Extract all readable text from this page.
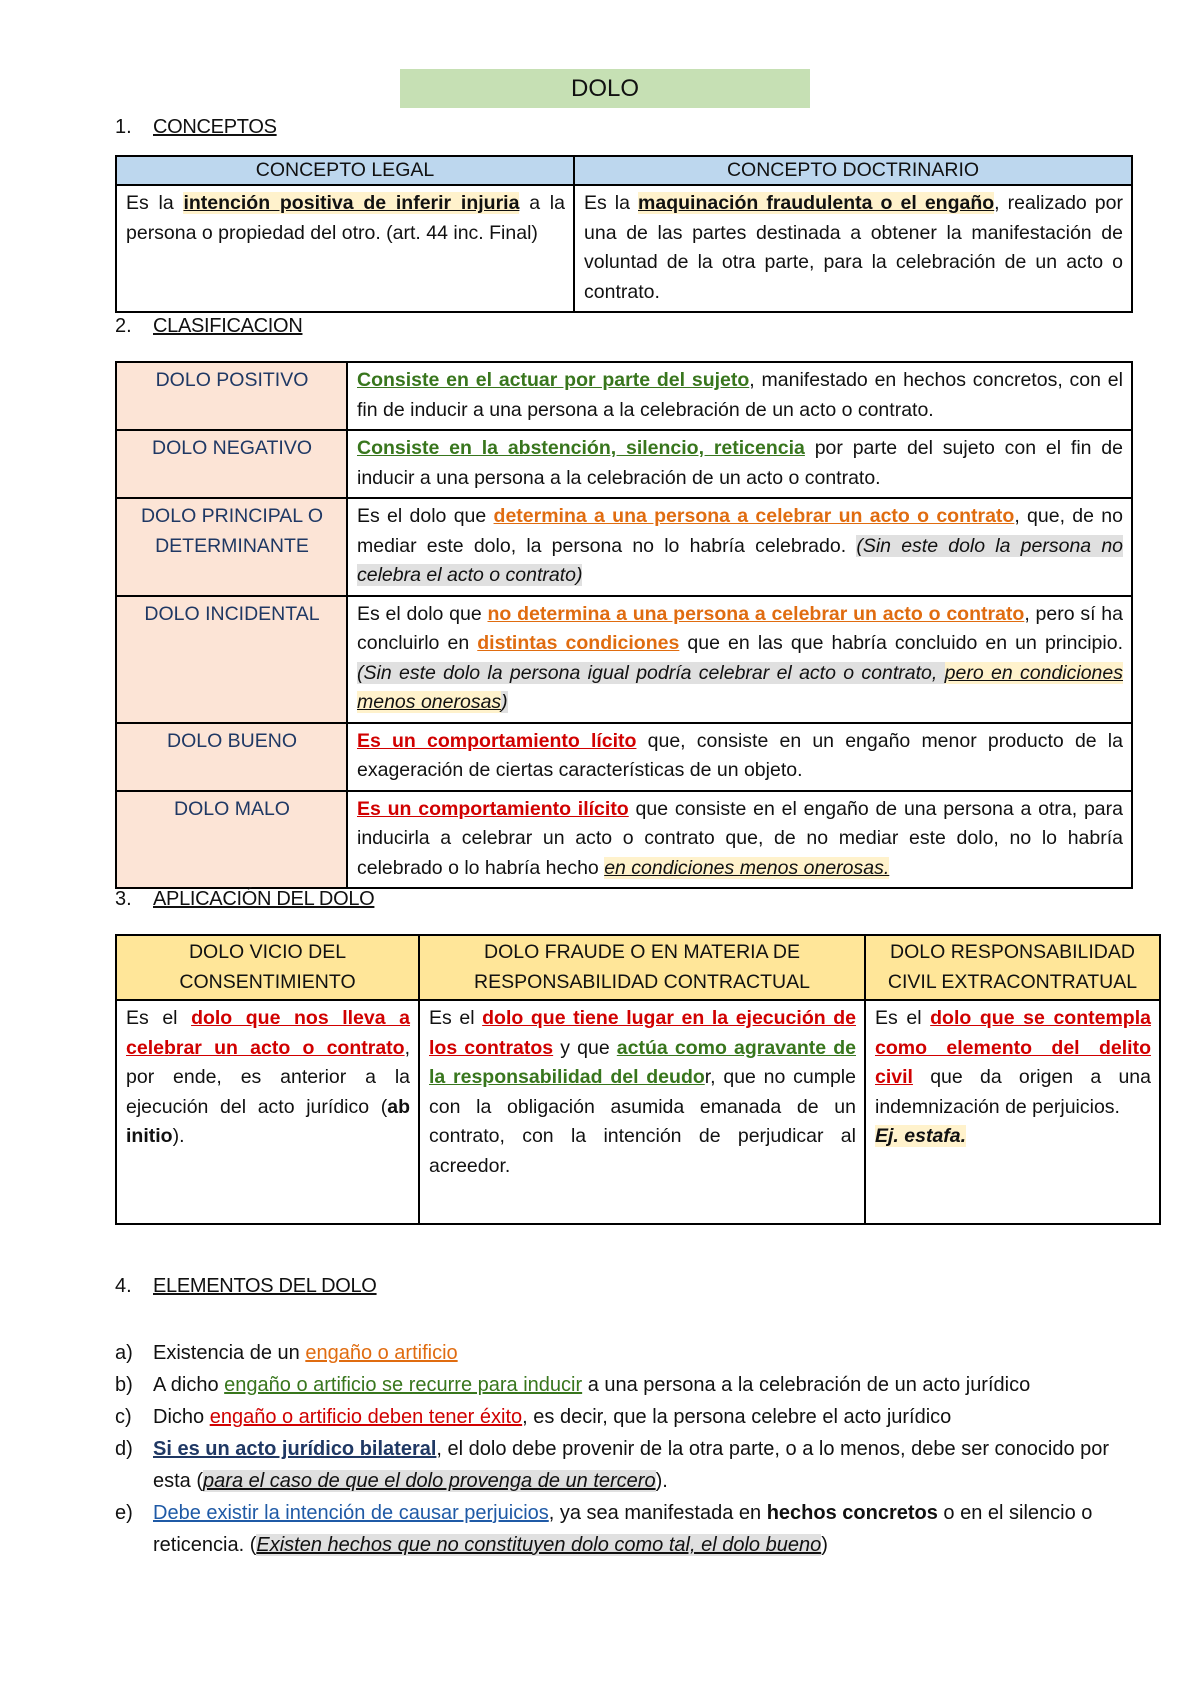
DOLO
1. CONCEPTOS
CONCEPTO LEGAL	CONCEPTO DOCTRINARIO
Es la intención positiva de inferir injuria a la persona o propiedad del otro. (art. 44 inc. Final)	Es la maquinación fraudulenta o el engaño, realizado por una de las partes destinada a obtener la manifestación de voluntad de la otra parte, para la celebración de un acto o contrato.
2. CLASIFICACION
DOLO POSITIVO	Consiste en el actuar por parte del sujeto, manifestado en hechos concretos, con el fin de inducir a una persona a la celebración de un acto o contrato.
DOLO NEGATIVO	Consiste en la abstención, silencio, reticencia por parte del sujeto con el fin de inducir a una persona a la celebración de un acto o contrato.
DOLO PRINCIPAL O DETERMINANTE	Es el dolo que determina a una persona a celebrar un acto o contrato, que, de no mediar este dolo, la persona no lo habría celebrado. (Sin este dolo la persona no celebra el acto o contrato)
DOLO INCIDENTAL	Es el dolo que no determina a una persona a celebrar un acto o contrato, pero sí ha concluirlo en distintas condiciones que en las que habría concluido en un principio. (Sin este dolo la persona igual podría celebrar el acto o contrato, pero en condiciones menos onerosas)
DOLO BUENO	Es un comportamiento lícito que, consiste en un engaño menor producto de la exageración de ciertas características de un objeto.
DOLO MALO	Es un comportamiento ilícito que consiste en el engaño de una persona a otra, para inducirla a celebrar un acto o contrato que, de no mediar este dolo, no lo habría celebrado o lo habría hecho en condiciones menos onerosas.
3. APLICACIÓN DEL DOLO
DOLO VICIO DEL CONSENTIMIENTO	DOLO FRAUDE O EN MATERIA DE RESPONSABILIDAD CONTRACTUAL	DOLO RESPONSABILIDAD CIVIL EXTRACONTRATUAL
Es el dolo que nos lleva a celebrar un acto o contrato, por ende, es anterior a la ejecución del acto jurídico (ab initio).	Es el dolo que tiene lugar en la ejecución de los contratos y que actúa como agravante de la responsabilidad del deudor, que no cumple con la obligación asumida emanada de un contrato, con la intención de perjudicar al acreedor.	Es el dolo que se contempla como elemento del delito civil que da origen a una indemnización de perjuicios.
Ej. estafa.
4. ELEMENTOS DEL DOLO
a)	Existencia de un engaño o artificio
b)	A dicho engaño o artificio se recurre para inducir a una persona a la celebración de un acto jurídico
c)	Dicho engaño o artificio deben tener éxito, es decir, que la persona celebre el acto jurídico
d)	Si es un acto jurídico bilateral, el dolo debe provenir de la otra parte, o a lo menos, debe ser conocido por esta (para el caso de que el dolo provenga de un tercero).
e)	Debe existir la intención de causar perjuicios, ya sea manifestada en hechos concretos o en el silencio o reticencia. (Existen hechos que no constituyen dolo como tal, el dolo bueno)
